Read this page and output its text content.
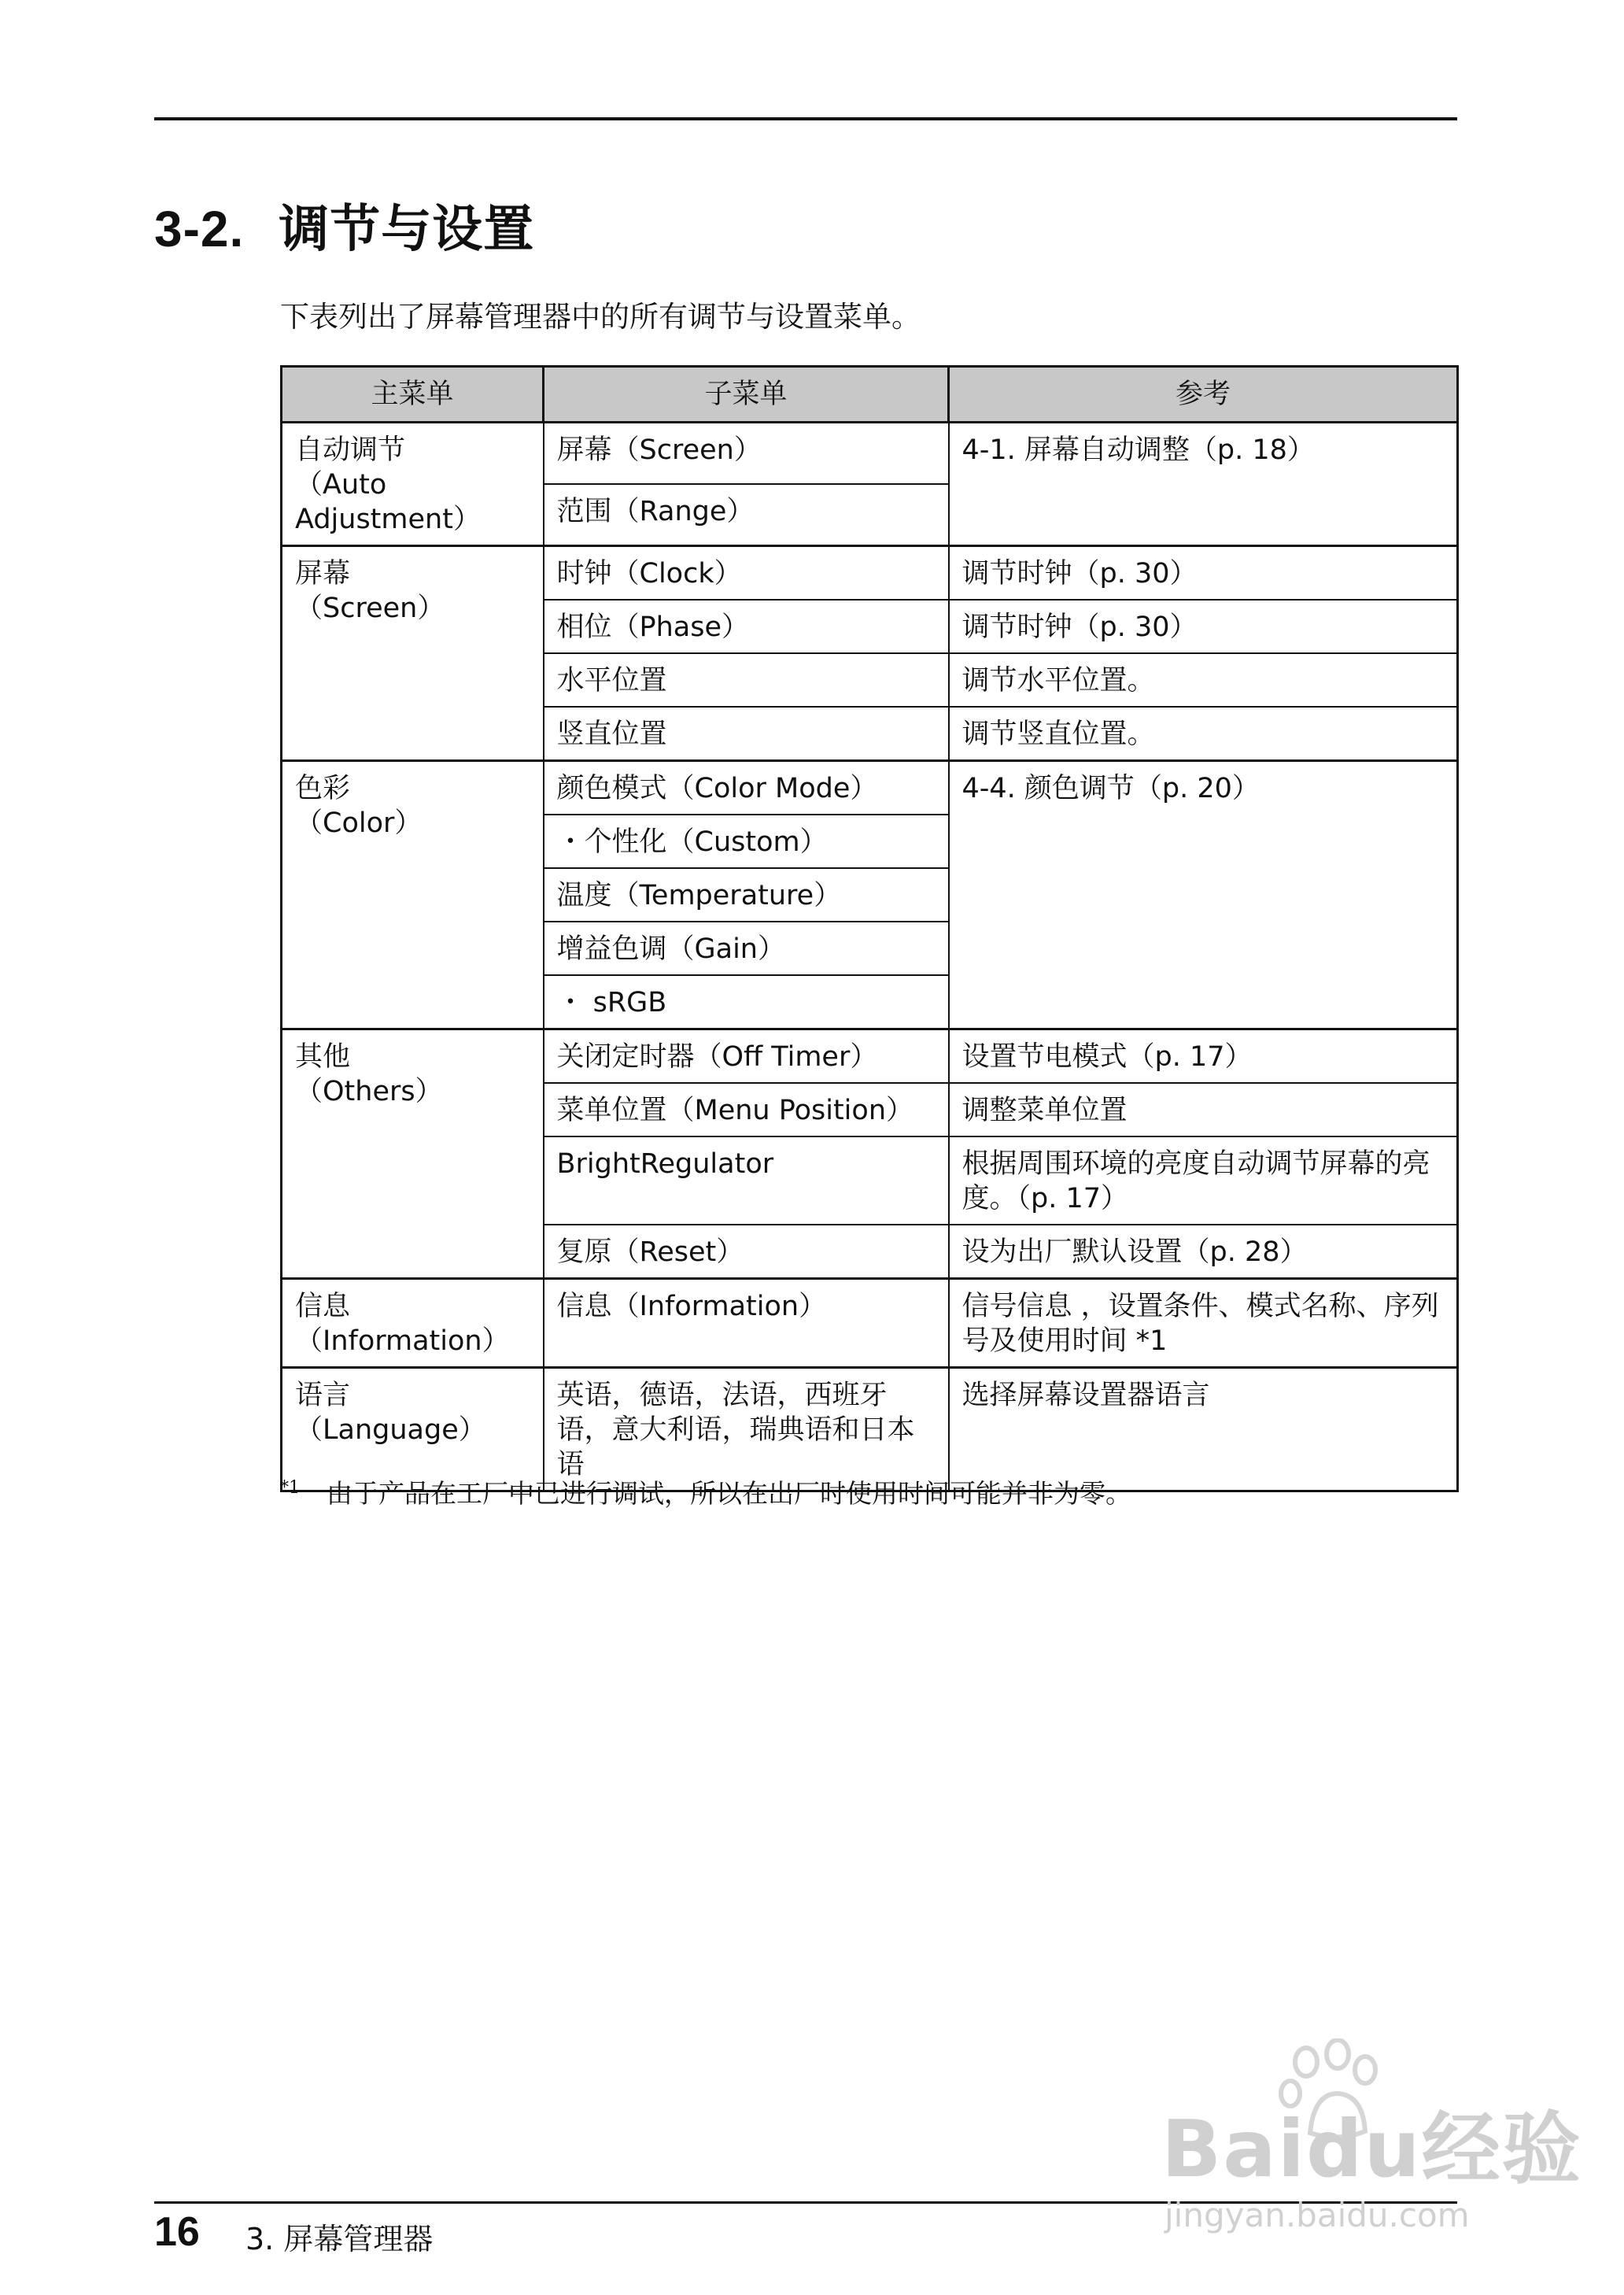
3-2. 调节与设置
下表列出了屏幕管理器中的所有调节与设置菜单。
主菜单	子菜单	参考
自动调节
（Auto
Adjustment）	屏幕（Screen）	4-1. 屏幕自动调整（p. 18）
	范围（Range）	
屏幕
（Screen）	时钟（Clock）	调节时钟（p. 30）
	相位（Phase）	调节时钟（p. 30）
	水平位置	调节水平位置。
	竖直位置	调节竖直位置。
色彩
（Color）	颜色模式（Color Mode）	4-4. 颜色调节（p. 20）
	・个性化（Custom）	
	温度（Temperature）	
	增益色调（Gain）	
	・ sRGB	
其他
（Others）	关闭定时器（Off Timer）	设置节电模式（p. 17）
	菜单位置（Menu Position）	调整菜单位置
	BrightRegulator	根据周围环境的亮度自动调节屏幕的亮度。（p. 17）
	复原（Reset）	设为出厂默认设置（p. 28）
信息
（Information）	信息（Information）	信号信息 ，设置条件、模式名称、序列号及使用时间 *1
语言
（Language）	英语，德语，法语，西班牙语，意大利语，瑞典语和日本语	选择屏幕设置器语言
$^{*1}$ 由于产品在工厂中已进行调试，所以在出厂时使用时间可能并非为零。
16 3. 屏幕管理器
Baidu经验
jingyan.baidu.com
